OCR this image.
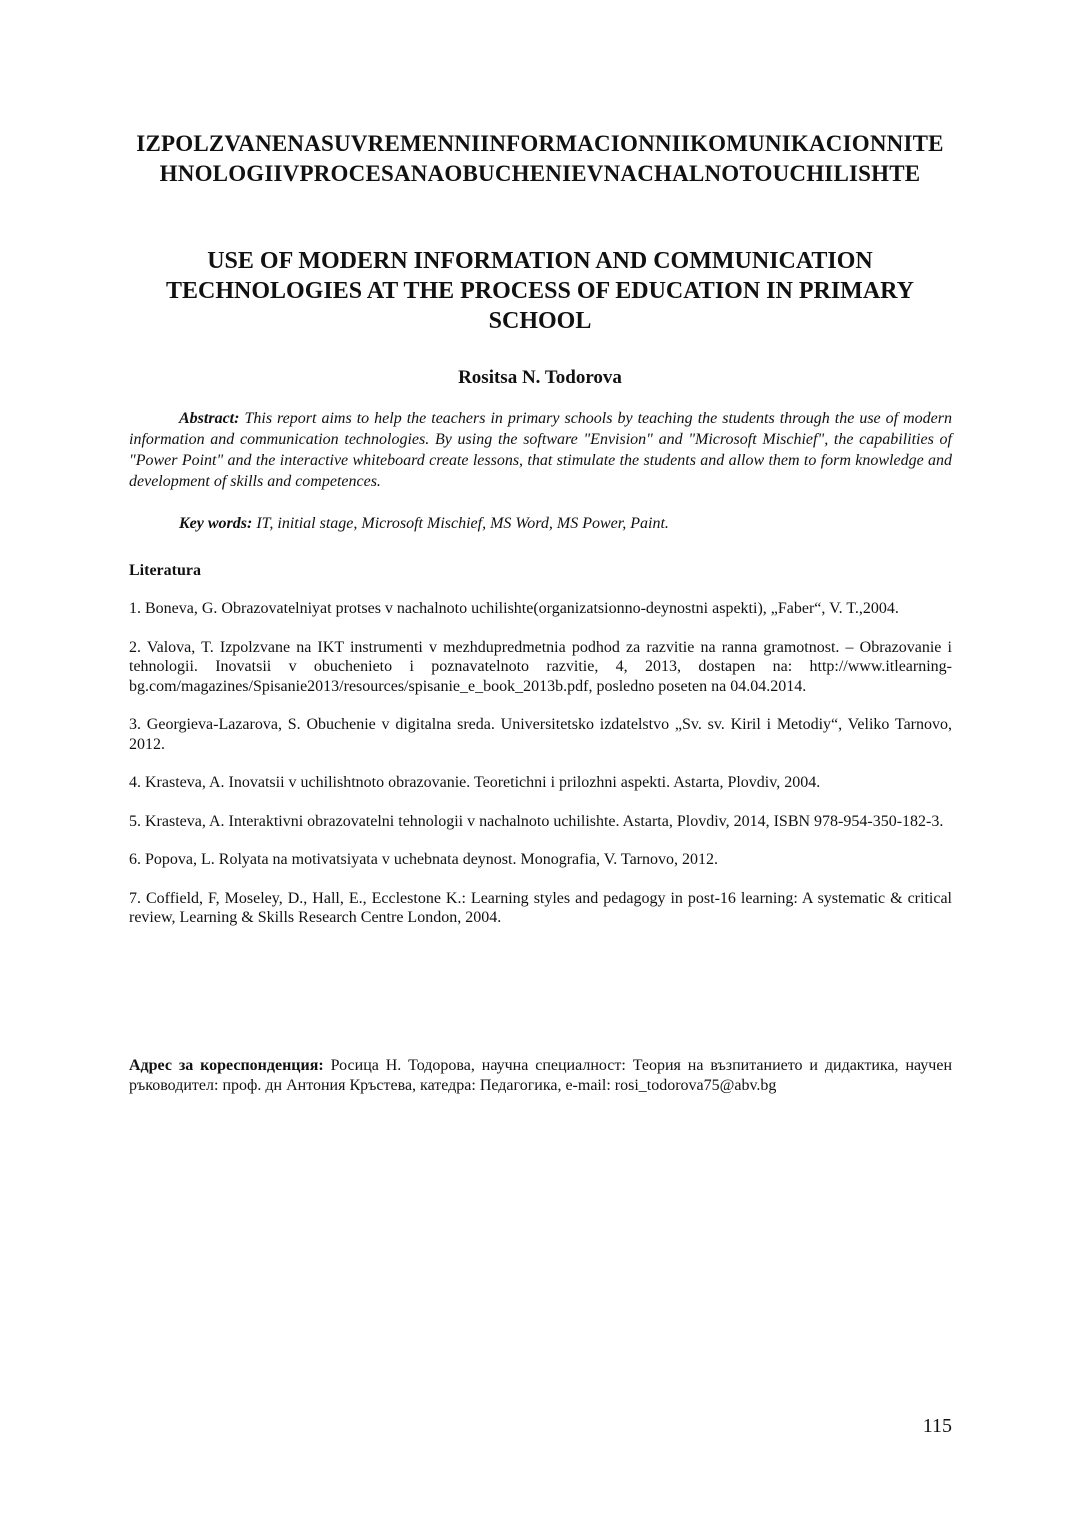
IZPOLZVANENASUVREMENNIINFORMACIONNIIKOMUNIKACIONNITEHNOLOGIIVPROCESANAOBUCHENIEVNACHALNOTOUCHILISHTE
USE OF MODERN INFORMATION AND COMMUNICATION TECHNOLOGIES AT THE PROCESS OF EDUCATION IN PRIMARY SCHOOL
Rositsa N. Todorova
Abstract: This report aims to help the teachers in primary schools by teaching the students through the use of modern information and communication technologies. By using the software "Envision" and "Microsoft Mischief", the capabilities of "Power Point" and the interactive whiteboard create lessons, that stimulate the students and allow them to form knowledge and development of skills and competences.
Key words: IT, initial stage, Microsoft Mischief, MS Word, MS Power, Paint.
Literatura

1. Boneva, G. Obrazovatelniyat protses v nachalnoto uchilishte(organizatsionno-deynostni aspekti), „Faber“, V. T.,2004.

2. Valova, T. Izpolzvane na IKT instrumenti v mezhdupredmetnia podhod za razvitie na ranna gramotnost. – Obrazovanie i tehnologii. Inovatsii v obuchenieto i poznavatelnoto razvitie, 4, 2013, dostapen na: http://www.itlearning-bg.com/magazines/Spisanie2013/resources/spisanie_e_book_2013b.pdf, posledno poseten na 04.04.2014.

3. Georgieva-Lazarova, S. Obuchenie v digitalna sreda. Universitetsko izdatelstvo „Sv. sv. Kiril i Metodiy“, Veliko Tarnovo, 2012.

4. Krasteva, A. Inovatsii v uchilishtnoto obrazovanie. Teoretichni i prilozhni aspekti. Astarta, Plovdiv, 2004.

5. Krasteva, A. Interaktivni obrazovatelni tehnologii v nachalnoto uchilishte. Astarta, Plovdiv, 2014, ISBN 978-954-350-182-3.

6. Popova, L. Rolyata na motivatsiyata v uchebnata deynost. Monografia, V. Tarnovo, 2012.

7. Coffield, F, Moseley, D., Hall, E., Ecclestone K.: Learning styles and pedagogy in post-16 learning: A systematic & critical review, Learning & Skills Research Centre London, 2004.

Адрес за кореспонденция: Росица Н. Тодорова, научна специалност: Теория на възпитанието и дидактика, научен ръководител: проф. дн Антония Кръстева, катедра: Педагогика, e-mail: rosi_todorova75@abv.bg
115
